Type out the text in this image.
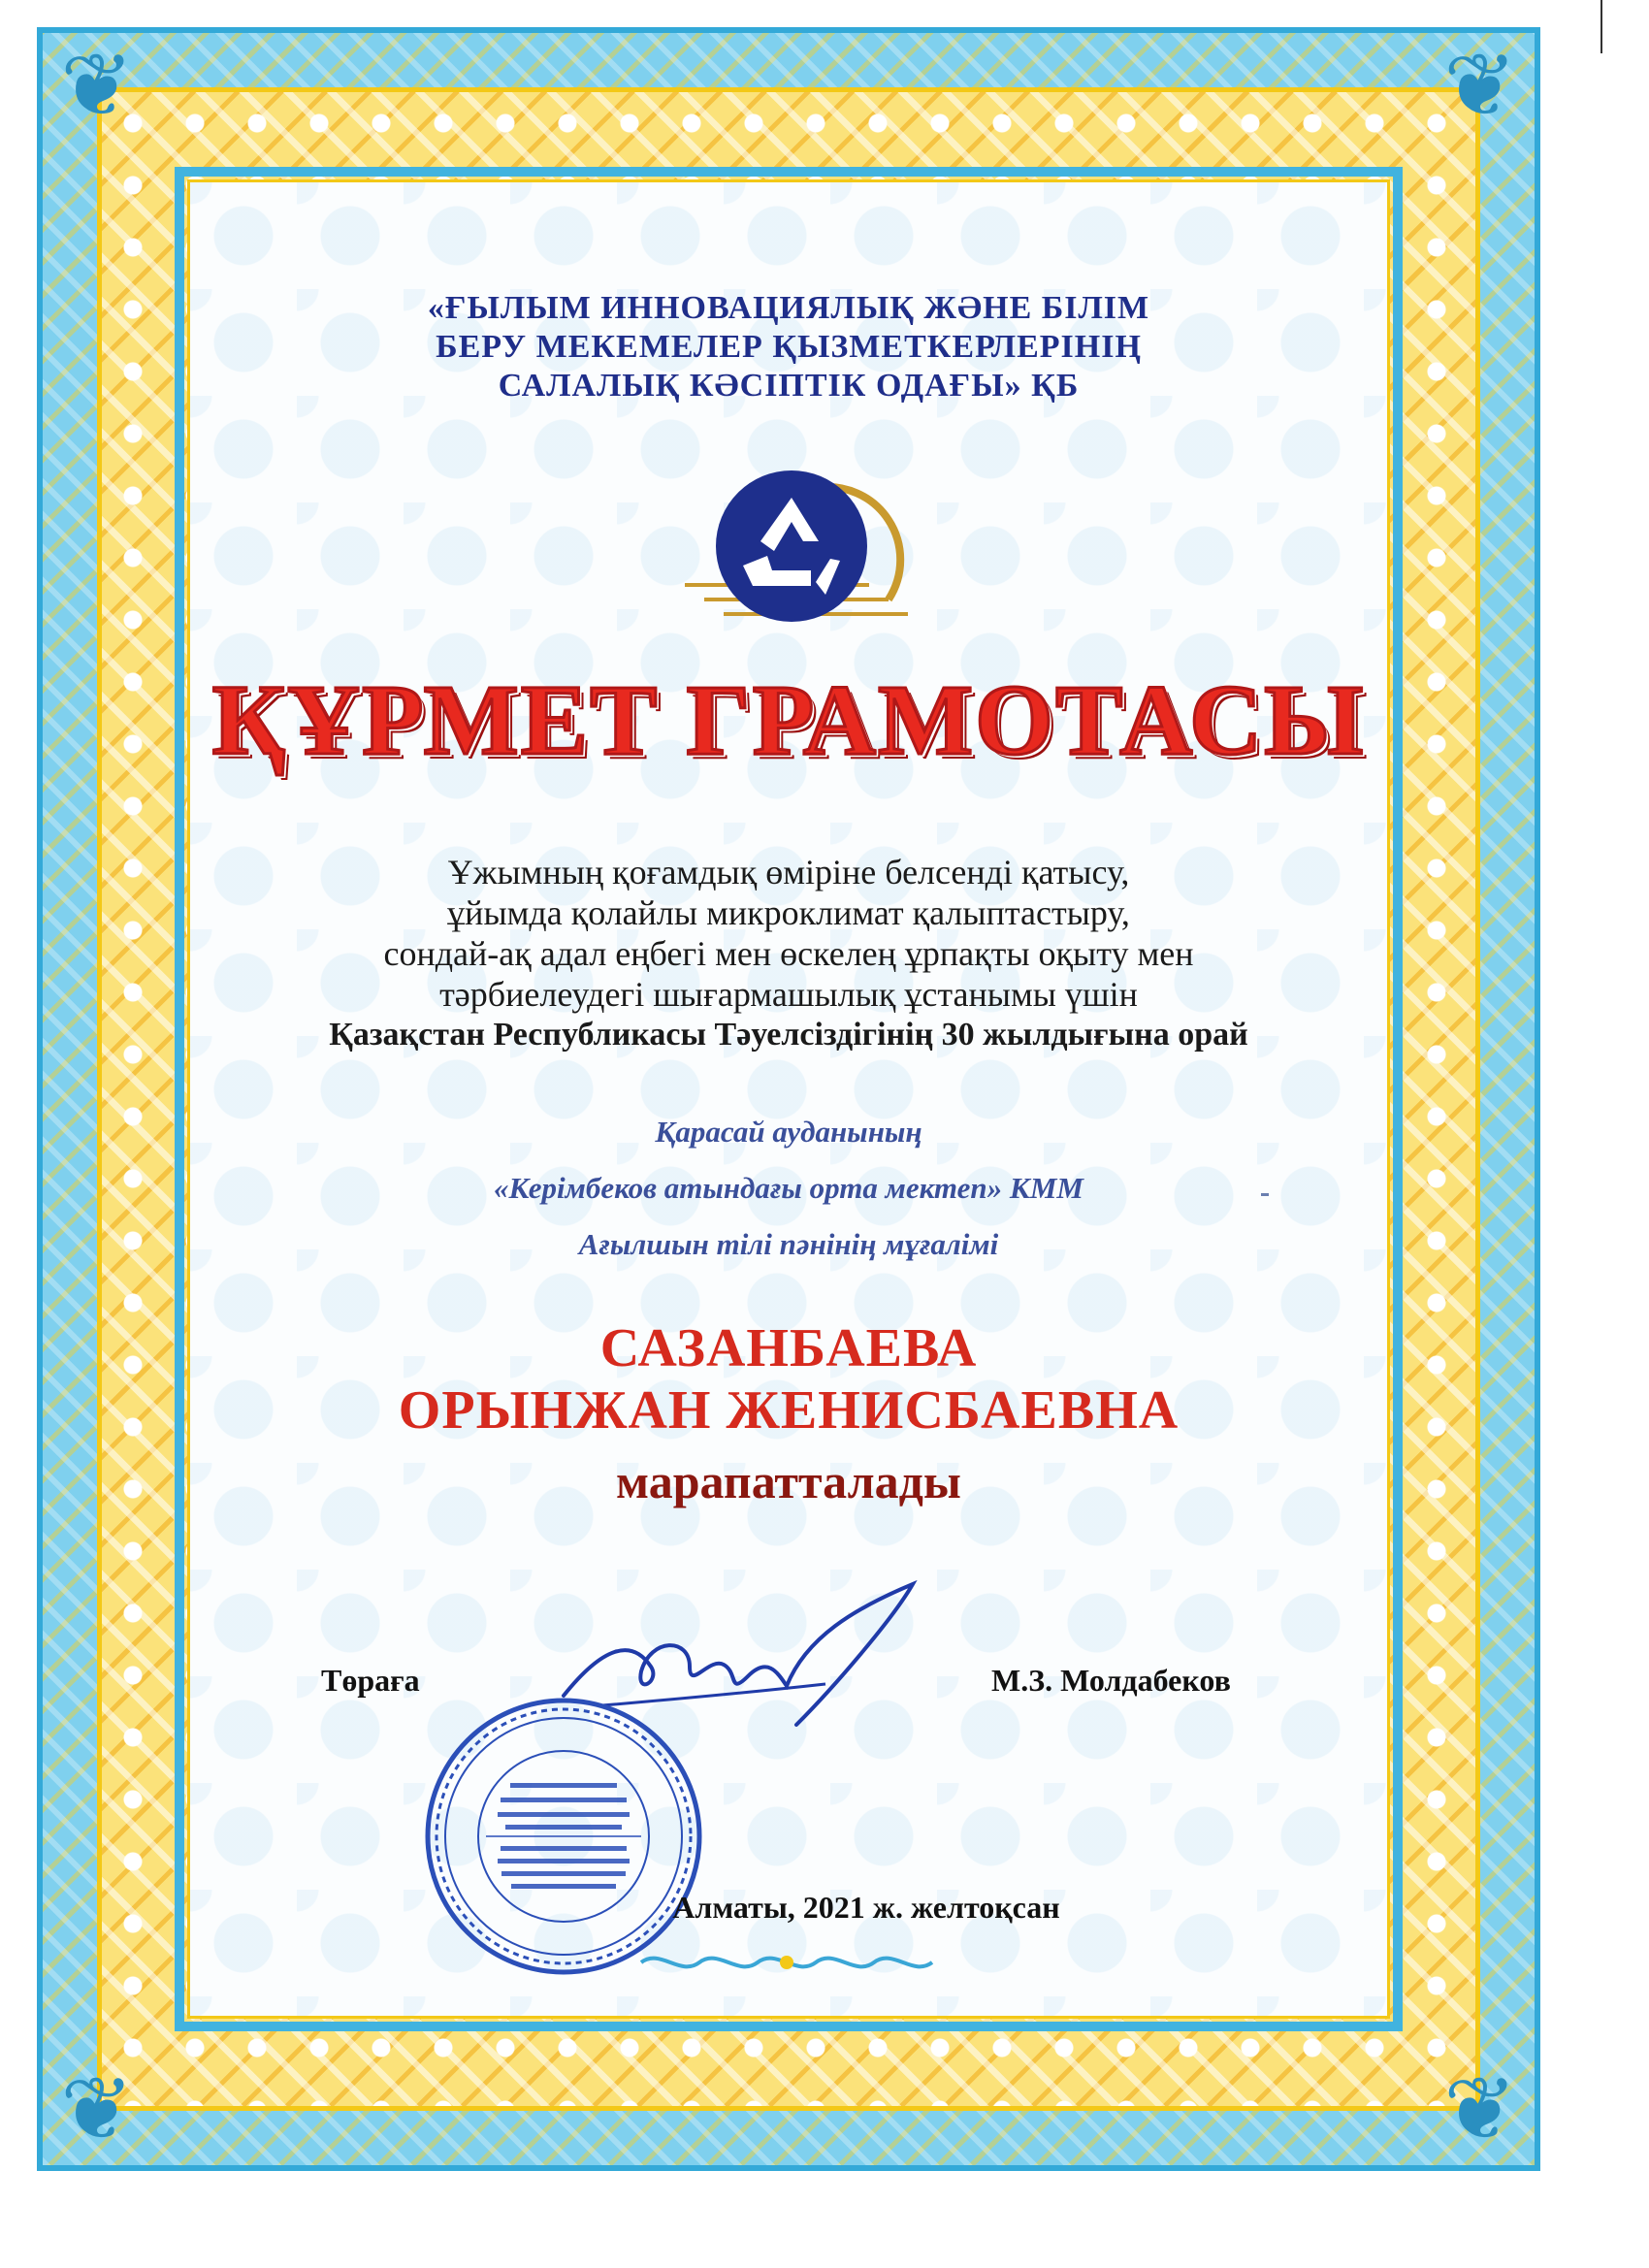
❦	❦
❦	❦
«ҒЫЛЫМ ИННОВАЦИЯЛЫҚ ЖӘНЕ БІЛІМ
БЕРУ МЕКЕМЕЛЕР ҚЫЗМЕТКЕРЛЕРІНІҢ
САЛАЛЫҚ КӘСІПТІК ОДАҒЫ» ҚБ
ҚҰРМЕТ ГРАМОТАСЫ
Ұжымның қоғамдық өміріне белсенді қатысу,
ұйымда қолайлы микроклимат қалыптастыру,
сондай-ақ адал еңбегі мен өскелең ұрпақты оқыту мен
тәрбиелеудегі шығармашылық ұстанымы үшін
Қазақстан Республикасы Тәуелсіздігінің 30 жылдығына орай
Қарасай ауданының
«Керімбеков атындағы орта мектеп» КММ
Ағылшын тілі пәнінің мұғалімі
САЗАНБАЕВА
ОРЫНЖАН ЖЕНИСБАЕВНА
марапатталады
Төраға	М.З. Молдабеков
Алматы, 2021 ж. желтоқсан
